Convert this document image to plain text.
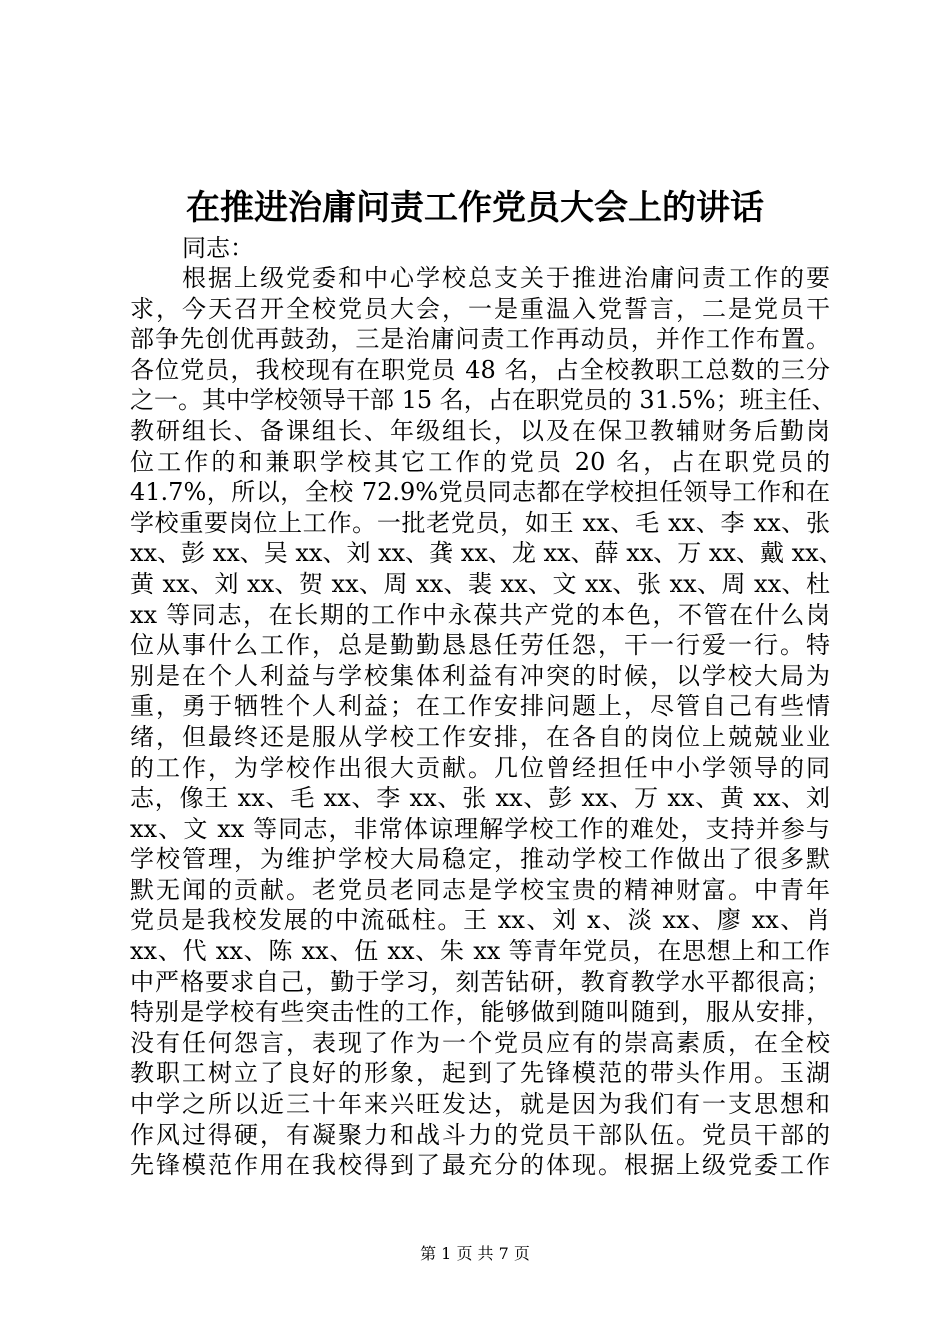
在推进治庸问责工作党员大会上的讲话
同志：
根据上级党委和中心学校总支关于推进治庸问责工作的要
求，今天召开全校党员大会，一是重温入党誓言，二是党员干
部争先创优再鼓劲，三是治庸问责工作再动员，并作工作布置。
各位党员，我校现有在职党员 48 名，占全校教职工总数的三分
之一。其中学校领导干部 15 名，占在职党员的 31.5%；班主任、
教研组长、备课组长、年级组长，以及在保卫教辅财务后勤岗
位工作的和兼职学校其它工作的党员 20 名，占在职党员的
41.7%，所以，全校 72.9%党员同志都在学校担任领导工作和在
学校重要岗位上工作。一批老党员，如王 xx、毛 xx、李 xx、张
xx、彭 xx、吴 xx、刘 xx、龚 xx、龙 xx、薛 xx、万 xx、戴 xx、
黄 xx、刘 xx、贺 xx、周 xx、裴 xx、文 xx、张 xx、周 xx、杜
xx 等同志，在长期的工作中永葆共产党的本色，不管在什么岗
位从事什么工作，总是勤勤恳恳任劳任怨，干一行爱一行。特
别是在个人利益与学校集体利益有冲突的时候，以学校大局为
重，勇于牺牲个人利益；在工作安排问题上，尽管自己有些情
绪，但最终还是服从学校工作安排，在各自的岗位上兢兢业业
的工作，为学校作出很大贡献。几位曾经担任中小学领导的同
志，像王 xx、毛 xx、李 xx、张 xx、彭 xx、万 xx、黄 xx、刘
xx、文 xx 等同志，非常体谅理解学校工作的难处，支持并参与
学校管理，为维护学校大局稳定，推动学校工作做出了很多默
默无闻的贡献。老党员老同志是学校宝贵的精神财富。中青年
党员是我校发展的中流砥柱。王 xx、刘 x、淡 xx、廖 xx、肖
xx、代 xx、陈 xx、伍 xx、朱 xx 等青年党员，在思想上和工作
中严格要求自己，勤于学习，刻苦钻研，教育教学水平都很高；
特别是学校有些突击性的工作，能够做到随叫随到，服从安排，
没有任何怨言，表现了作为一个党员应有的崇高素质，在全校
教职工树立了良好的形象，起到了先锋模范的带头作用。玉湖
中学之所以近三十年来兴旺发达，就是因为我们有一支思想和
作风过得硬，有凝聚力和战斗力的党员干部队伍。党员干部的
先锋模范作用在我校得到了最充分的体现。根据上级党委工作
第 1 页 共 7 页
